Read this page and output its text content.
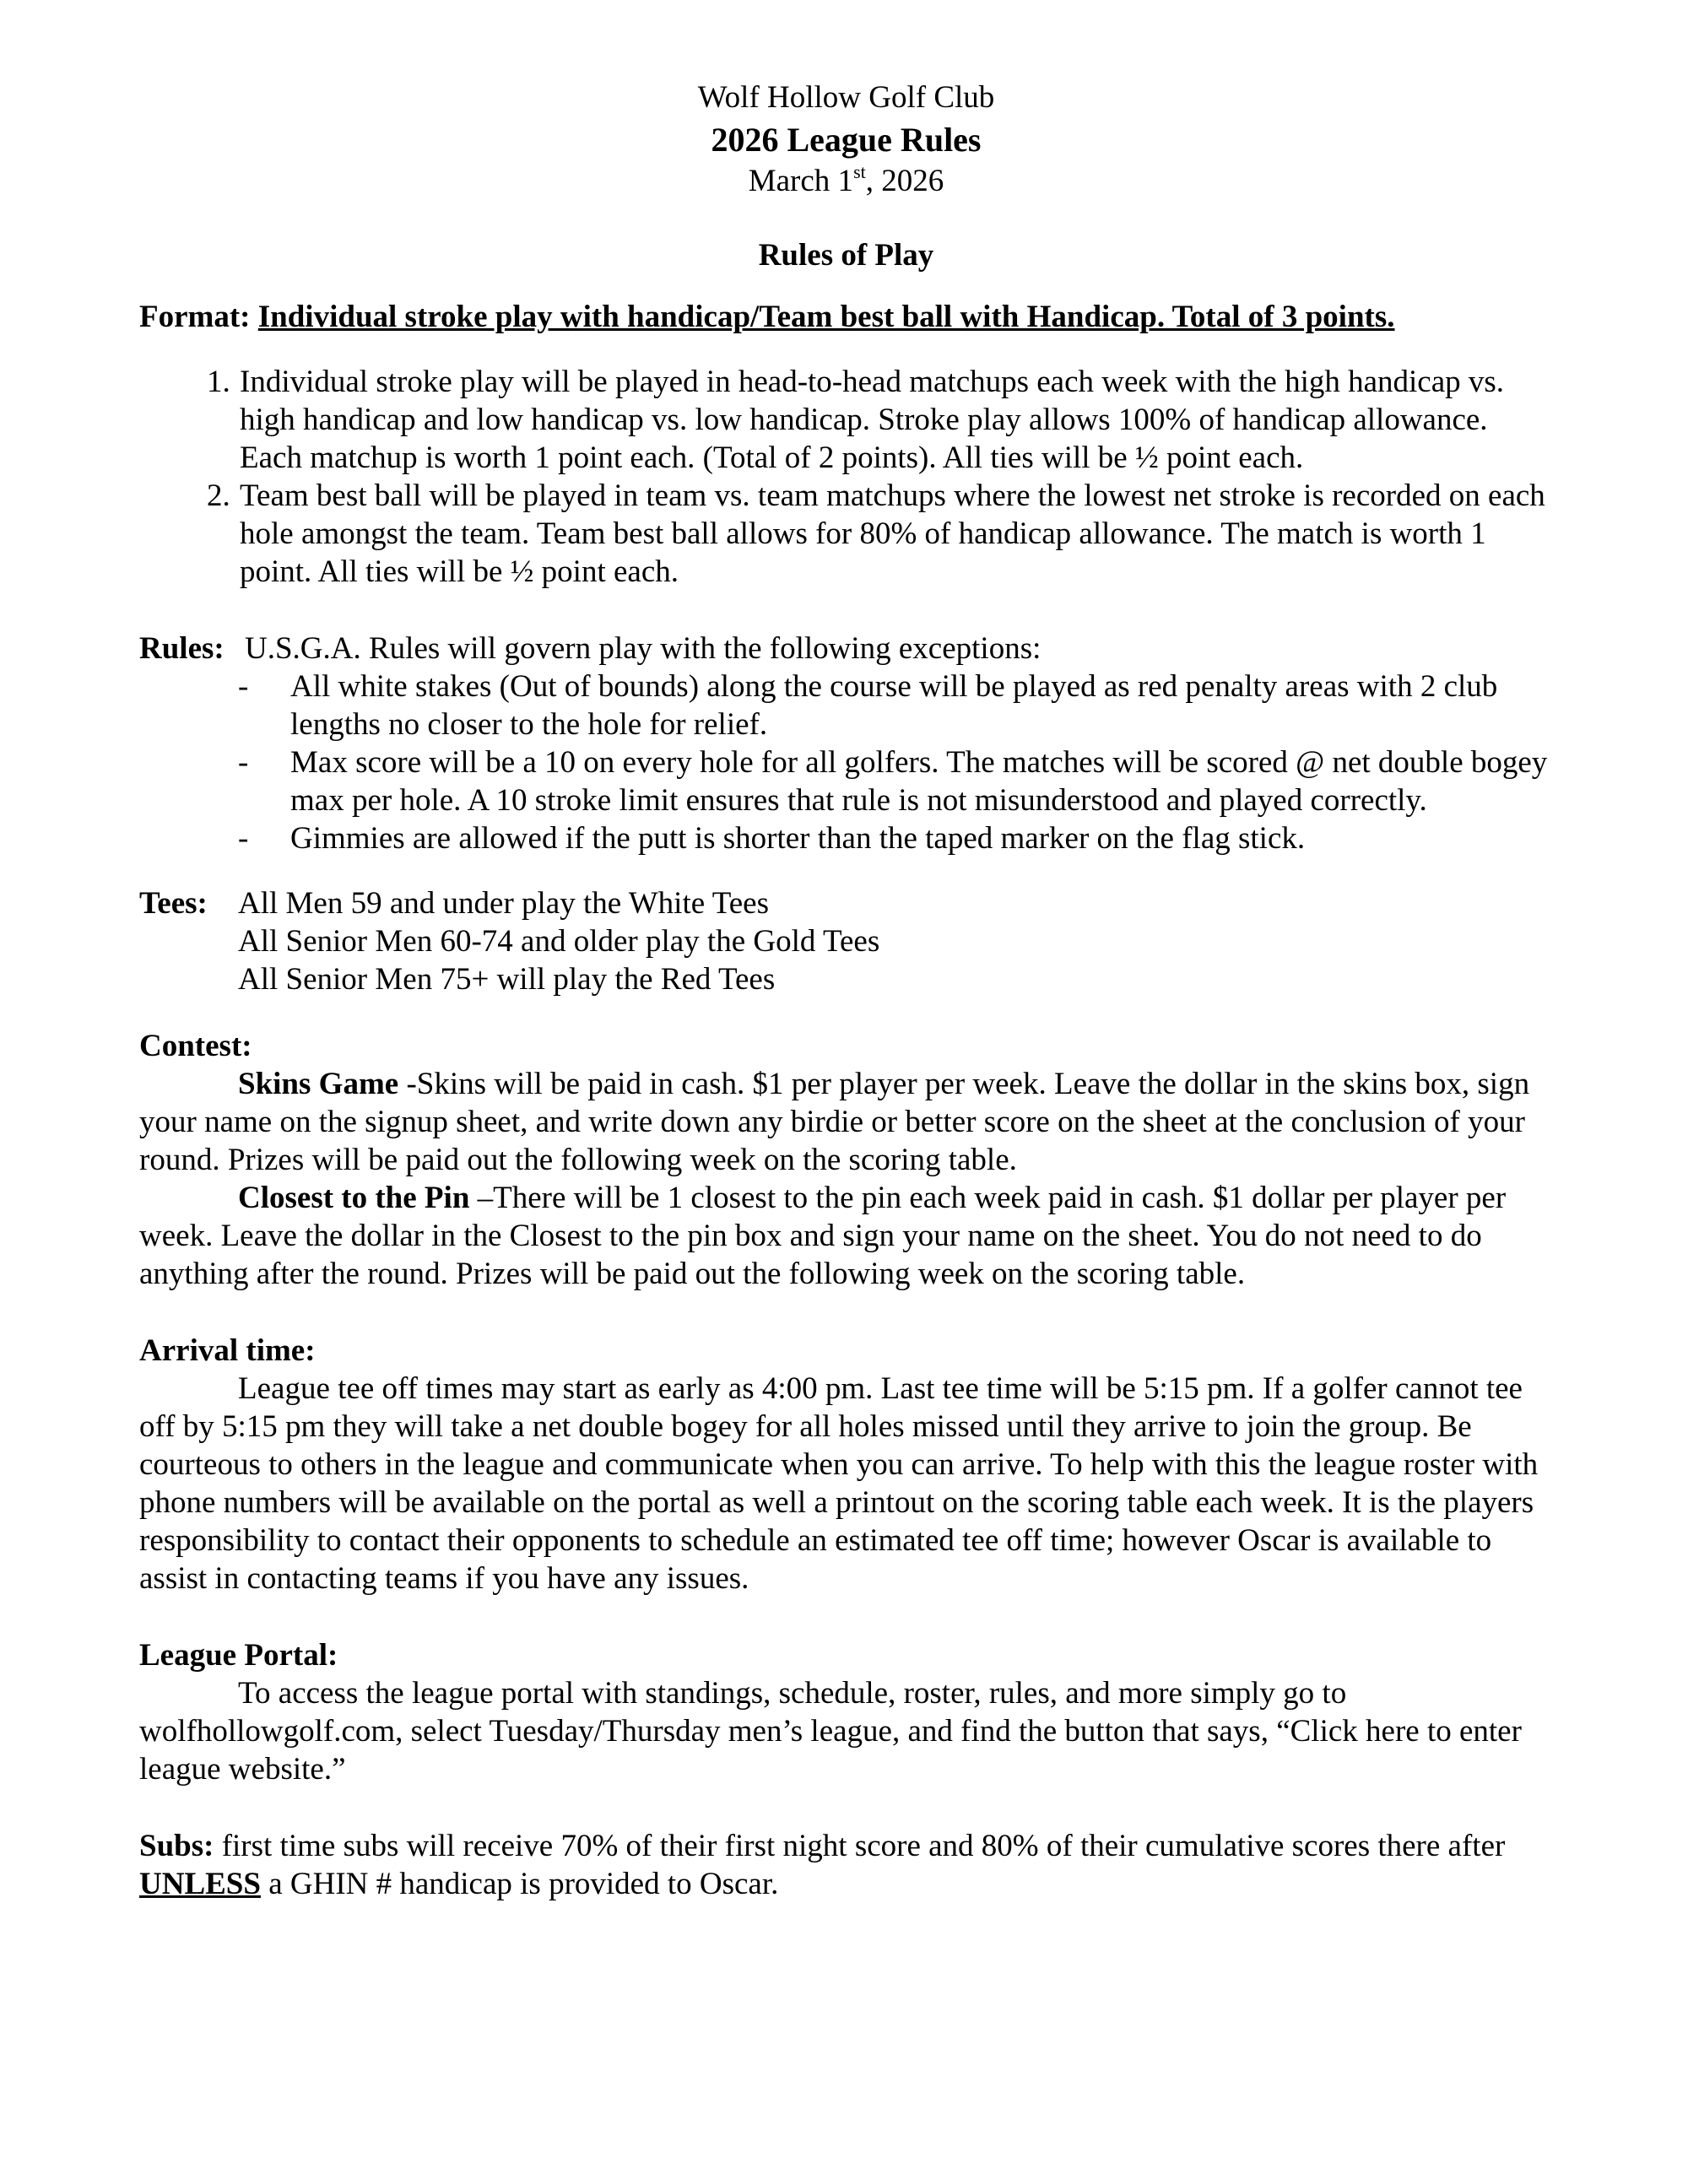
Wolf Hollow Golf Club
2026 League Rules
March 1st, 2026
Rules of Play
Format: Individual stroke play with handicap/Team best ball with Handicap. Total of 3 points.
1. Individual stroke play will be played in head-to-head matchups each week with the high handicap vs. high handicap and low handicap vs. low handicap. Stroke play allows 100% of handicap allowance. Each matchup is worth 1 point each. (Total of 2 points). All ties will be ½ point each.
2. Team best ball will be played in team vs. team matchups where the lowest net stroke is recorded on each hole amongst the team. Team best ball allows for 80% of handicap allowance. The match is worth 1 point. All ties will be ½ point each.
Rules: U.S.G.A. Rules will govern play with the following exceptions:
- All white stakes (Out of bounds) along the course will be played as red penalty areas with 2 club lengths no closer to the hole for relief.
- Max score will be a 10 on every hole for all golfers. The matches will be scored @ net double bogey max per hole. A 10 stroke limit ensures that rule is not misunderstood and played correctly.
- Gimmies are allowed if the putt is shorter than the taped marker on the flag stick.
Tees: All Men 59 and under play the White Tees
All Senior Men 60-74 and older play the Gold Tees
All Senior Men 75+ will play the Red Tees
Contest:
Skins Game -Skins will be paid in cash. $1 per player per week. Leave the dollar in the skins box, sign your name on the signup sheet, and write down any birdie or better score on the sheet at the conclusion of your round. Prizes will be paid out the following week on the scoring table.
Closest to the Pin –There will be 1 closest to the pin each week paid in cash. $1 dollar per player per week. Leave the dollar in the Closest to the pin box and sign your name on the sheet. You do not need to do anything after the round. Prizes will be paid out the following week on the scoring table.
Arrival time:
League tee off times may start as early as 4:00 pm. Last tee time will be 5:15 pm. If a golfer cannot tee off by 5:15 pm they will take a net double bogey for all holes missed until they arrive to join the group. Be courteous to others in the league and communicate when you can arrive. To help with this the league roster with phone numbers will be available on the portal as well a printout on the scoring table each week. It is the players responsibility to contact their opponents to schedule an estimated tee off time; however Oscar is available to assist in contacting teams if you have any issues.
League Portal:
To access the league portal with standings, schedule, roster, rules, and more simply go to wolfhollowgolf.com, select Tuesday/Thursday men’s league, and find the button that says, “Click here to enter league website.”
Subs: first time subs will receive 70% of their first night score and 80% of their cumulative scores there after UNLESS a GHIN # handicap is provided to Oscar.
